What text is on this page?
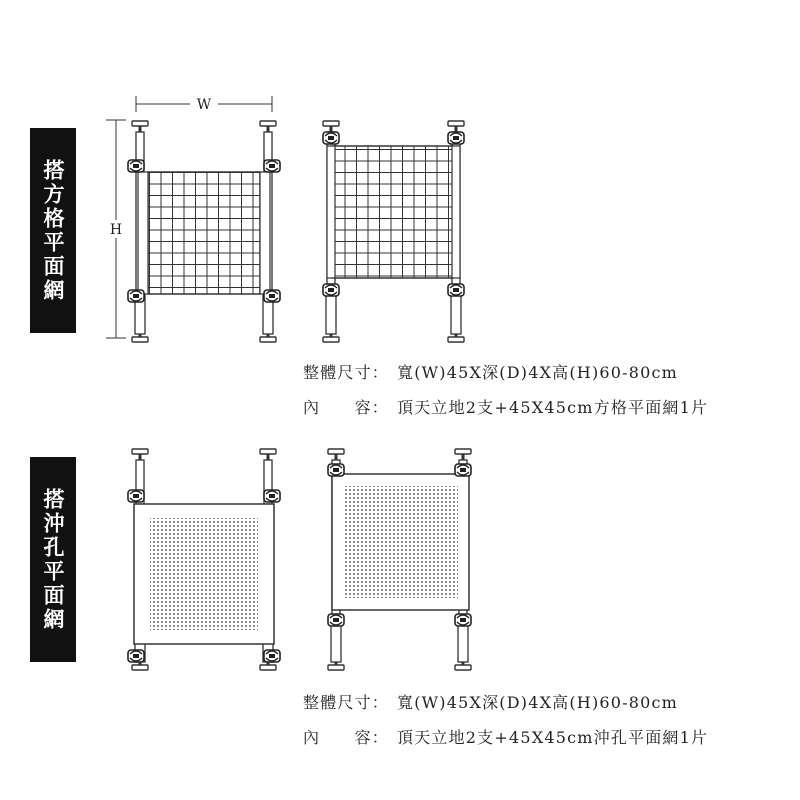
搭方格平面網
搭沖孔平面網
W
H
整體尺寸： 寬(W)45X深(D)4X高(H)60-80cm
內　　容： 頂天立地2支+45X45cm方格平面網1片
整體尺寸： 寬(W)45X深(D)4X高(H)60-80cm
內　　容： 頂天立地2支+45X45cm沖孔平面網1片
